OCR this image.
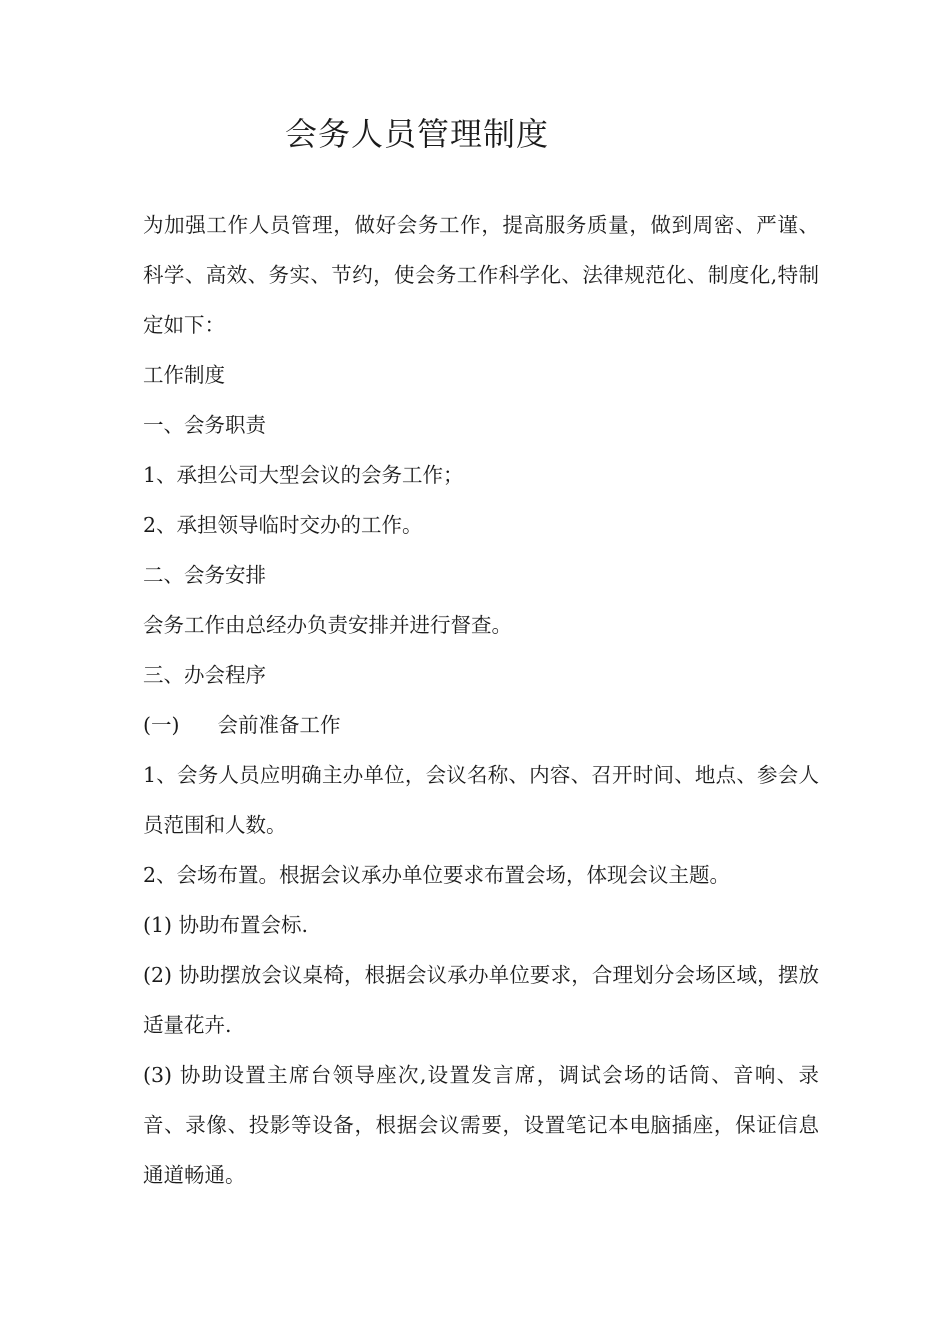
会务人员管理制度

为加强工作人员管理，做好会务工作，提高服务质量，做到周密、严谨、科学、高效、务实、节约，使会务工作科学化、法律规范化、制度化,特制定如下：

工作制度

一、会务职责

1、承担公司大型会议的会务工作；

2、承担领导临时交办的工作。

二、会务安排

会务工作由总经办负责安排并进行督查。

三、办会程序

(一) 会前准备工作

1、会务人员应明确主办单位，会议名称、内容、召开时间、地点、参会人员范围和人数。

2、会场布置。根据会议承办单位要求布置会场，体现会议主题。

(1) 协助布置会标.

(2) 协助摆放会议桌椅，根据会议承办单位要求，合理划分会场区域，摆放适量花卉.

(3) 协助设置主席台领导座次,设置发言席，调试会场的话筒、音响、录音、录像、投影等设备，根据会议需要，设置笔记本电脑插座，保证信息通道畅通。
